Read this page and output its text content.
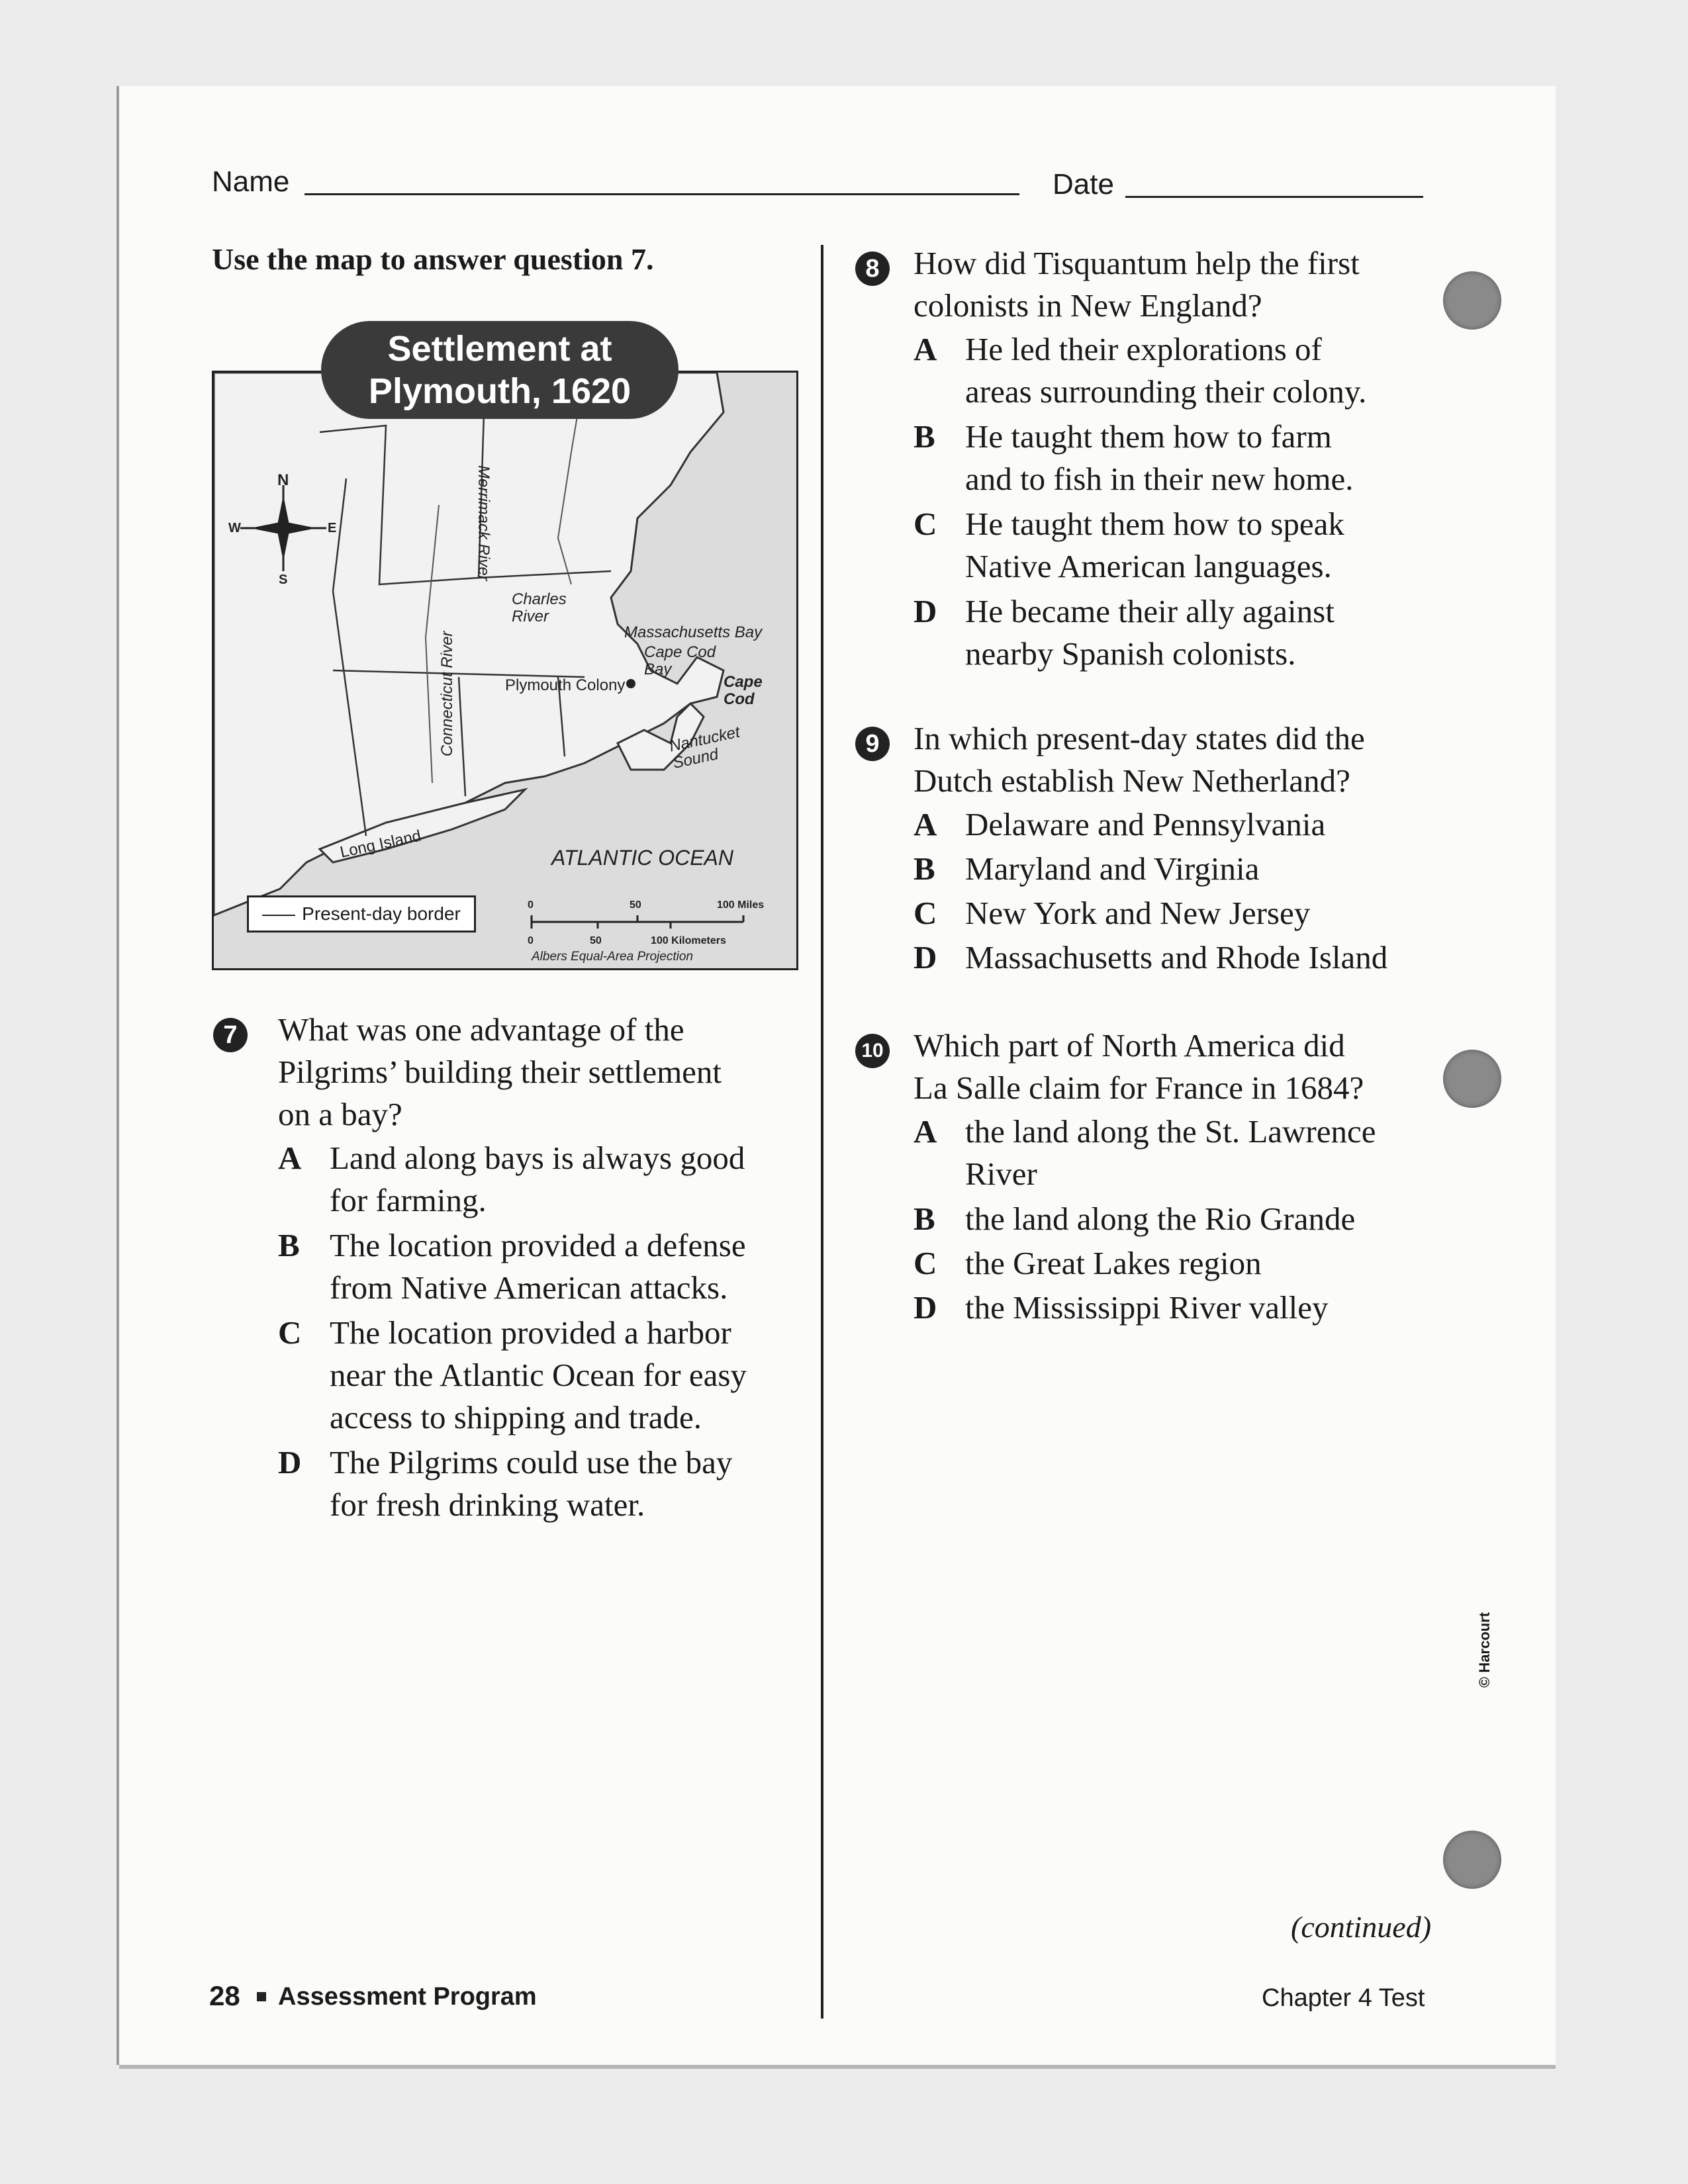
Name	Date
Use the map to answer question 7.
N
S
E
W	Merrimack River
Charles River
Connecticut River	Massachusetts Bay
Cape Cod Bay
Plymouth Colony	Cape Cod
Nantucket Sound
Long Island	ATLANTIC OCEAN
Present-day border	0	50	100 Miles
0	50	100 Kilometers
Albers Equal-Area Projection
Settlement at
Plymouth, 1620
7	What was one advantage of the
Pilgrims’ building their settlement
on a bay?
A Land along bays is always good
for farming.
B The location provided a defense
from Native American attacks.
C The location provided a harbor
near the Atlantic Ocean for easy
access to shipping and trade.
D The Pilgrims could use the bay
for fresh drinking water.
8	How did Tisquantum help the first
colonists in New England?
A He led their explorations of
areas surrounding their colony.
B He taught them how to farm
and to fish in their new home.
C He taught them how to speak
Native American languages.
D He became their ally against
nearby Spanish colonists.
9	In which present-day states did the
Dutch establish New Netherland?
A Delaware and Pennsylvania
B Maryland and Virginia
C New York and New Jersey
D Massachusetts and Rhode Island
10 Which part of North America did
La Salle claim for France in 1684?
A the land along the St. Lawrence
River
B the land along the Rio Grande
C the Great Lakes region
D the Mississippi River valley
© Harcourt
(continued)
28 Assessment Program	Chapter 4 Test
